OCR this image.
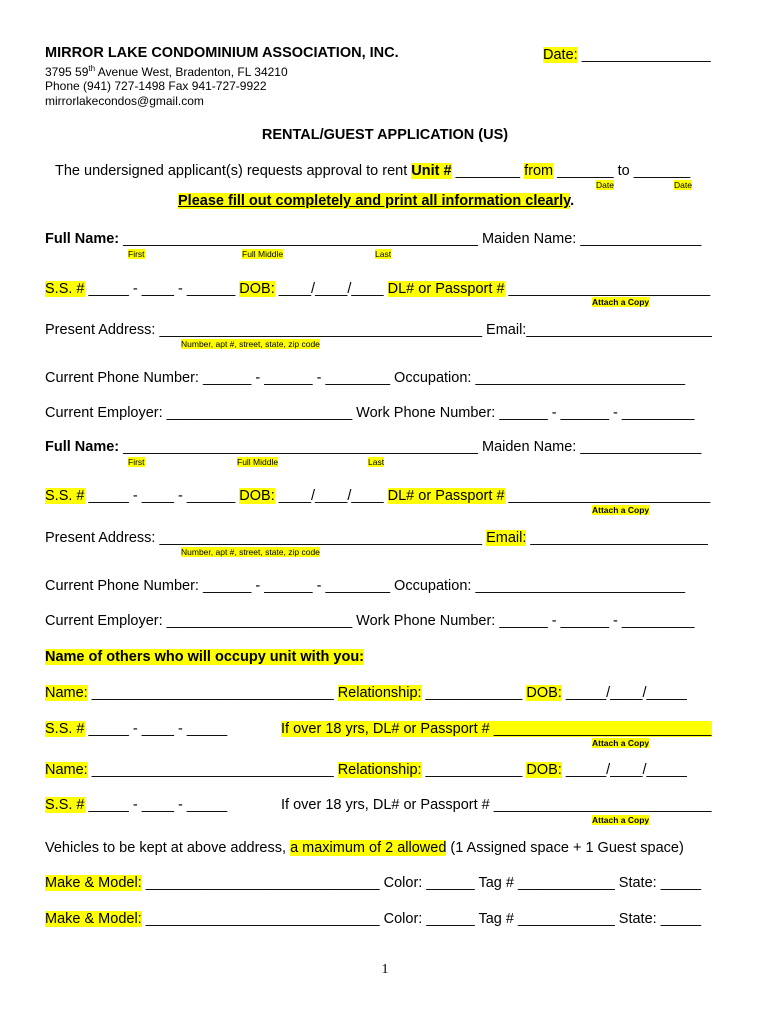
MIRROR LAKE CONDOMINIUM ASSOCIATION, INC.	Date: ________________
3795 59th Avenue West, Bradenton, FL 34210
Phone (941) 727-1498 Fax 941-727-9922
mirrorlakecondos@gmail.com
RENTAL/GUEST APPLICATION (US)
The undersigned applicant(s) requests approval to rent Unit # ________ from _______ to _______
Date	Date
Please fill out completely and print all information clearly.
Full Name: ____________________________________________ Maiden Name: _______________
First	Full Middle	Last
S.S. # _____ - ____ - ______ DOB: ____/____/____ DL# or Passport # _________________________
Attach a Copy
Present Address: ________________________________________ Email:_______________________
Number, apt #, street, state, zip code
Current Phone Number: ______ - ______ - ________ Occupation: __________________________
Current Employer: _______________________ Work Phone Number: ______ - ______ - _________
Full Name: ____________________________________________ Maiden Name: _______________
First	Full Middle	Last
S.S. # _____ - ____ - ______ DOB: ____/____/____ DL# or Passport # _________________________
Attach a Copy
Present Address: ________________________________________ Email: ______________________
Number, apt #, street, state, zip code
Current Phone Number: ______ - ______ - ________ Occupation: __________________________
Current Employer: _______________________ Work Phone Number: ______ - ______ - _________
Name of others who will occupy unit with you:
Name: ______________________________ Relationship: ____________ DOB: _____/____/_____
S.S. # _____ - ____ - _____	If over 18 yrs, DL# or Passport # ___________________________
Attach a Copy
Name: ______________________________ Relationship: ____________ DOB: _____/____/_____
S.S. # _____ - ____ - _____	If over 18 yrs, DL# or Passport # ___________________________
Attach a Copy
Vehicles to be kept at above address, a maximum of 2 allowed (1 Assigned space + 1 Guest space)
Make & Model: _____________________________ Color: ______ Tag # ____________ State: _____
Make & Model: _____________________________ Color: ______ Tag # ____________ State: _____
1
